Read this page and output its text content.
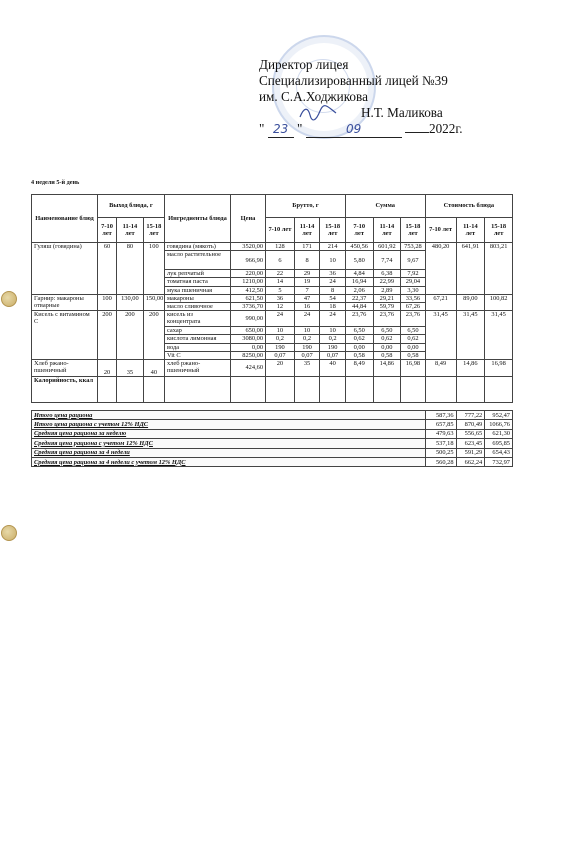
Директор лицея
Специализированный лицей №39
им. С.А.Ходжикова
Н.Т. Маликова
" 23 "	09	2022г.
4 недели 5-й день
Наименование блюд	Выход блюда, г			Ингредиенты блюда	Цена	Брутто, г			Сумма			Стоимость блюда		
	7-10 лет	11-14 лет	15-18 лет			7-10 лет	11-14 лет	15-18 лет	7-10 лет	11-14 лет	15-18 лет	7-10 лет	11-14 лет	15-18 лет
Гуляш (говядина)	60	80	100	говядина (мякоть)	3520,00	128	171	214	450,56	601,92	753,28	480,20	641,91	803,21
				масло растительное	966,90	6	8	10	5,80	7,74	9,67			
				лук репчатый	220,00	22	29	36	4,84	6,38	7,92			
				томатная паста	1210,00	14	19	24	16,94	22,99	29,04			
				мука пшеничная	412,50	5	7	8	2,06	2,89	3,30			
Гарнир: макароны отварные	100	130,00	150,00	макароны	621,50	36	47	54	22,37	29,21	33,56	67,21	89,00	100,82
				масло сливочное	3736,70	12	16	18	44,84	59,79	67,26			
Кисель с витамином С	200	200	200	кисель из концентрата	990,00	24	24	24	23,76	23,76	23,76	31,45	31,45	31,45
				сахар	650,00	10	10	10	6,50	6,50	6,50			
				кислота лимонная	3080,00	0,2	0,2	0,2	0,62	0,62	0,62			
				вода	0,00	190	190	190	0,00	0,00	0,00			
				Vit C	8250,00	0,07	0,07	0,07	0,58	0,58	0,58			
Хлеб ржано-пшеничный	20	35	40	хлеб ржано-пшеничный	424,60	20	35	40	8,49	14,86	16,98	8,49	14,86	16,98
Калорийность, ккал														

Итого цена рациона												587,36	777,22	952,47
Итого цена рациона с учетом 12% НДС												657,85	870,49	1066,76
Средняя цена рациона за неделю												479,63	556,65	621,30
Средняя цена рациона с учетом 12% НДС												537,18	623,45	695,85
Средняя цена рациона за 4 недели												500,25	591,29	654,43
Средняя цена рациона за 4 недели с учетом 12% НДС												560,28	662,24	732,97
